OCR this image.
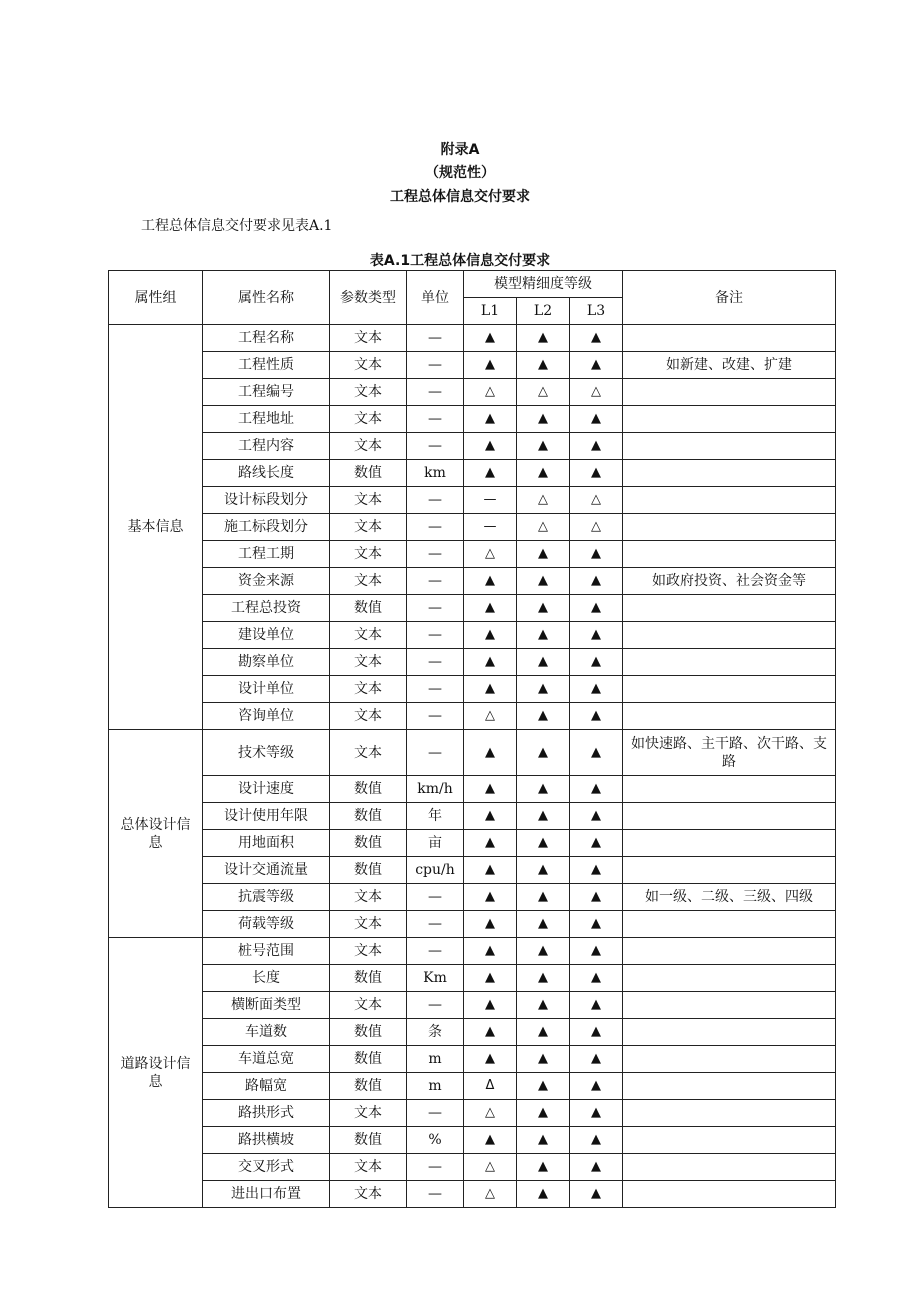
附录A
（规范性）
工程总体信息交付要求
工程总体信息交付要求见表A.1
表A.1工程总体信息交付要求
属性组	属性名称	参数类型	单位	模型精细度等级			备注
				L1	L2	L3	
基本信息	工程名称	文本	—	▲	▲	▲	
	工程性质	文本	—	▲	▲	▲	如新建、改建、扩建
	工程编号	文本	—	△	△	△	
	工程地址	文本	—	▲	▲	▲	
	工程内容	文本	—	▲	▲	▲	
	路线长度	数值	km	▲	▲	▲	
	设计标段划分	文本	—	—	△	△	
	施工标段划分	文本	—	—	△	△	
	工程工期	文本	—	△	▲	▲	
	资金来源	文本	—	▲	▲	▲	如政府投资、社会资金等
	工程总投资	数值	—	▲	▲	▲	
	建设单位	文本	—	▲	▲	▲	
	勘察单位	文本	—	▲	▲	▲	
	设计单位	文本	—	▲	▲	▲	
	咨询单位	文本	—	△	▲	▲	
总体设计信息	技术等级	文本	—	▲	▲	▲	如快速路、主干路、次干路、支路
	设计速度	数值	km/h	▲	▲	▲	
	设计使用年限	数值	年	▲	▲	▲	
	用地面积	数值	亩	▲	▲	▲	
	设计交通流量	数值	cpu/h	▲	▲	▲	
	抗震等级	文本	—	▲	▲	▲	如一级、二级、三级、四级
	荷载等级	文本	—	▲	▲	▲	
道路设计信息	桩号范围	文本	—	▲	▲	▲	
	长度	数值	Km	▲	▲	▲	
	横断面类型	文本	—	▲	▲	▲	
	车道数	数值	条	▲	▲	▲	
	车道总宽	数值	m	▲	▲	▲	
	路幅宽	数值	m	Δ	▲	▲	
	路拱形式	文本	—	△	▲	▲	
	路拱横坡	数值	%	▲	▲	▲	
	交叉形式	文本	—	△	▲	▲	
	进出口布置	文本	—	△	▲	▲	
